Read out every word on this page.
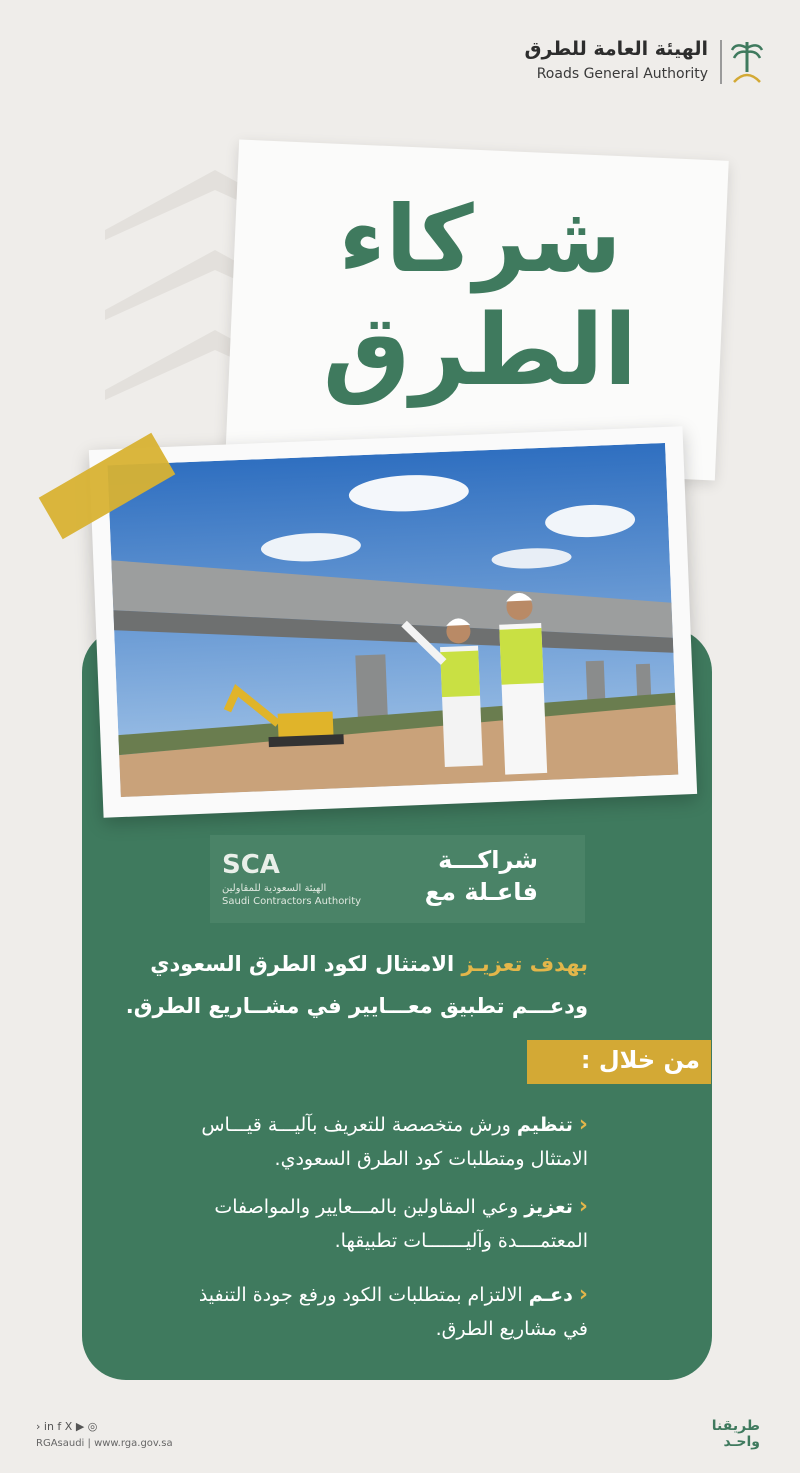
الهيئة العامة للطرق
Roads General Authority
شركاء
الطرق
SCA
الهيئة السعودية للمقاولين
Saudi Contractors Authority
شراكـــة
فاعـلة مع
بهدف تعزيـز الامتثال لكود الطرق السعودي
ودعـــم تطبيق معـــايير في مشــاريع الطرق.
من خلال :
‹ تنظيم ورش متخصصة للتعريف بآليـــة قيـــاس
الامتثال ومتطلبات كود الطرق السعودي.
‹ تعزيز وعي المقاولين بالمـــعايير والمواصفات
المعتمــــدة وآليـــــــات تطبيقها.
‹ دعـم الالتزام بمتطلبات الكود ورفع جودة التنفيذ
في مشاريع الطرق.
› in f X ▶ ◎
RGAsaudi | www.rga.gov.sa
طريقنا
واحـد
